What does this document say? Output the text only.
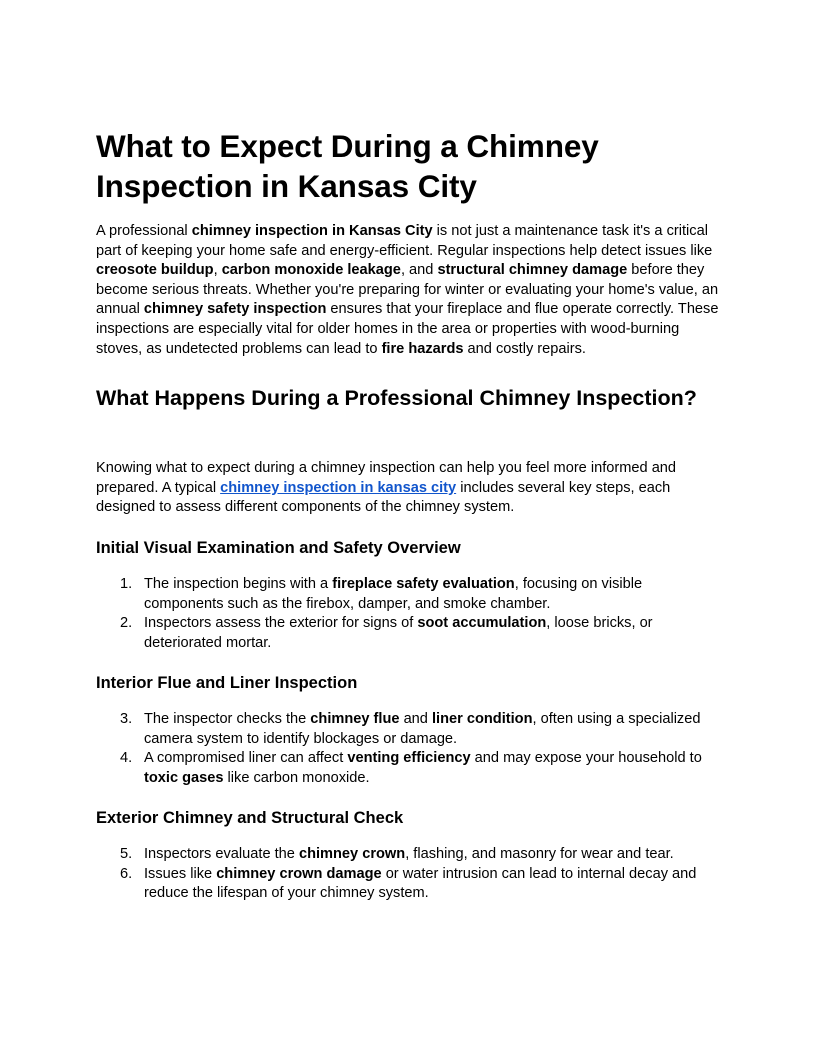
What to Expect During a Chimney Inspection in Kansas City

A professional chimney inspection in Kansas City is not just a maintenance task it's a critical part of keeping your home safe and energy-efficient. Regular inspections help detect issues like creosote buildup, carbon monoxide leakage, and structural chimney damage before they become serious threats. Whether you're preparing for winter or evaluating your home's value, an annual chimney safety inspection ensures that your fireplace and flue operate correctly. These inspections are especially vital for older homes in the area or properties with wood-burning stoves, as undetected problems can lead to fire hazards and costly repairs.

What Happens During a Professional Chimney Inspection?

Knowing what to expect during a chimney inspection can help you feel more informed and prepared. A typical chimney inspection in kansas city includes several key steps, each designed to assess different components of the chimney system.

Initial Visual Examination and Safety Overview
1. The inspection begins with a fireplace safety evaluation, focusing on visible components such as the firebox, damper, and smoke chamber.
2. Inspectors assess the exterior for signs of soot accumulation, loose bricks, or deteriorated mortar.
Interior Flue and Liner Inspection
3. The inspector checks the chimney flue and liner condition, often using a specialized camera system to identify blockages or damage.
4. A compromised liner can affect venting efficiency and may expose your household to toxic gases like carbon monoxide.
Exterior Chimney and Structural Check
5. Inspectors evaluate the chimney crown, flashing, and masonry for wear and tear.
6. Issues like chimney crown damage or water intrusion can lead to internal decay and reduce the lifespan of your chimney system.
